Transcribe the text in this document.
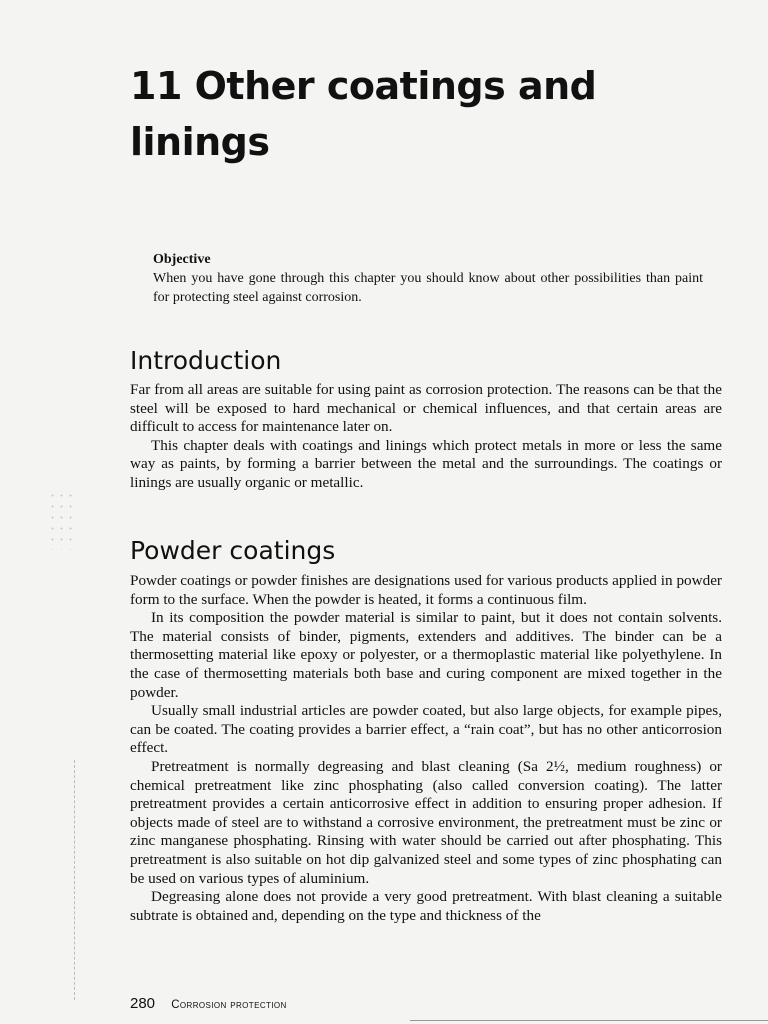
11 Other coatings and linings
Objective
When you have gone through this chapter you should know about other possibilities than paint for protecting steel against corrosion.
Introduction

Far from all areas are suitable for using paint as corrosion protection. The reasons can be that the steel will be exposed to hard mechanical or chemical influences, and that certain areas are difficult to access for maintenance later on.

This chapter deals with coatings and linings which protect metals in more or less the same way as paints, by forming a barrier between the metal and the surroundings. The coatings or linings are usually organic or metallic.

Powder coatings

Powder coatings or powder finishes are designations used for various products applied in powder form to the surface. When the powder is heated, it forms a continuous film.

In its composition the powder material is similar to paint, but it does not contain solvents. The material consists of binder, pigments, extenders and additives. The binder can be a thermosetting material like epoxy or polyester, or a thermoplastic material like polyethylene. In the case of thermosetting materials both base and curing component are mixed together in the powder.

Usually small industrial articles are powder coated, but also large objects, for example pipes, can be coated. The coating provides a barrier effect, a “rain coat”, but has no other anticorrosion effect.

Pretreatment is normally degreasing and blast cleaning (Sa 2½, medium roughness) or chemical pretreatment like zinc phosphating (also called conversion coating). The latter pretreatment provides a certain anticorrosive effect in addition to ensuring proper adhesion. If objects made of steel are to withstand a corrosive environment, the pretreatment must be zinc or zinc manganese phosphating. Rinsing with water should be carried out after phosphating. This pretreatment is also suitable on hot dip galvanized steel and some types of zinc phosphating can be used on various types of aluminium.

Degreasing alone does not provide a very good pretreatment. With blast cleaning a suitable subtrate is obtained and, depending on the type and thickness of the

280 Corrosion protection
